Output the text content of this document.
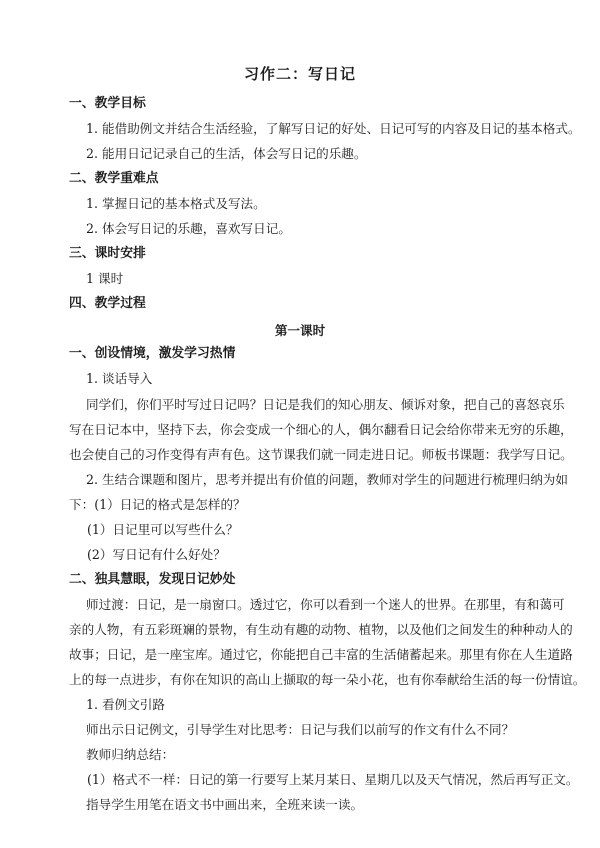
习作二：写日记

一、教学目标

1. 能借助例文并结合生活经验，了解写日记的好处、日记可写的内容及日记的基本格式。

2. 能用日记记录自己的生活，体会写日记的乐趣。

二、教学重难点

1. 掌握日记的基本格式及写法。

2. 体会写日记的乐趣，喜欢写日记。

三、课时安排

1 课时

四、教学过程

第一课时

一、创设情境，激发学习热情

1. 谈话导入

同学们，你们平时写过日记吗？日记是我们的知心朋友、倾诉对象，把自己的喜怒哀乐

写在日记本中，坚持下去，你会变成一个细心的人，偶尔翻看日记会给你带来无穷的乐趣，

也会使自己的习作变得有声有色。这节课我们就一同走进日记。师板书课题：我学写日记。

2. 生结合课题和图片，思考并提出有价值的问题，教师对学生的问题进行梳理归纳为如

下：(1）日记的格式是怎样的？

(1）日记里可以写些什么？

(2）写日记有什么好处？

二、独具慧眼，发现日记妙处

师过渡：日记，是一扇窗口。透过它，你可以看到一个迷人的世界。在那里，有和蔼可

亲的人物，有五彩斑斓的景物，有生动有趣的动物、植物，以及他们之间发生的种种动人的

故事；日记，是一座宝库。通过它，你能把自己丰富的生活储蓄起来。那里有你在人生道路

上的每一点进步，有你在知识的高山上撷取的每一朵小花，也有你奉献给生活的每一份情谊。

1. 看例文引路

师出示日记例文，引导学生对比思考：日记与我们以前写的作文有什么不同？

教师归纳总结：

(1）格式不一样：日记的第一行要写上某月某日、星期几以及天气情况，然后再写正文。

指导学生用笔在语文书中画出来，全班来读一读。
